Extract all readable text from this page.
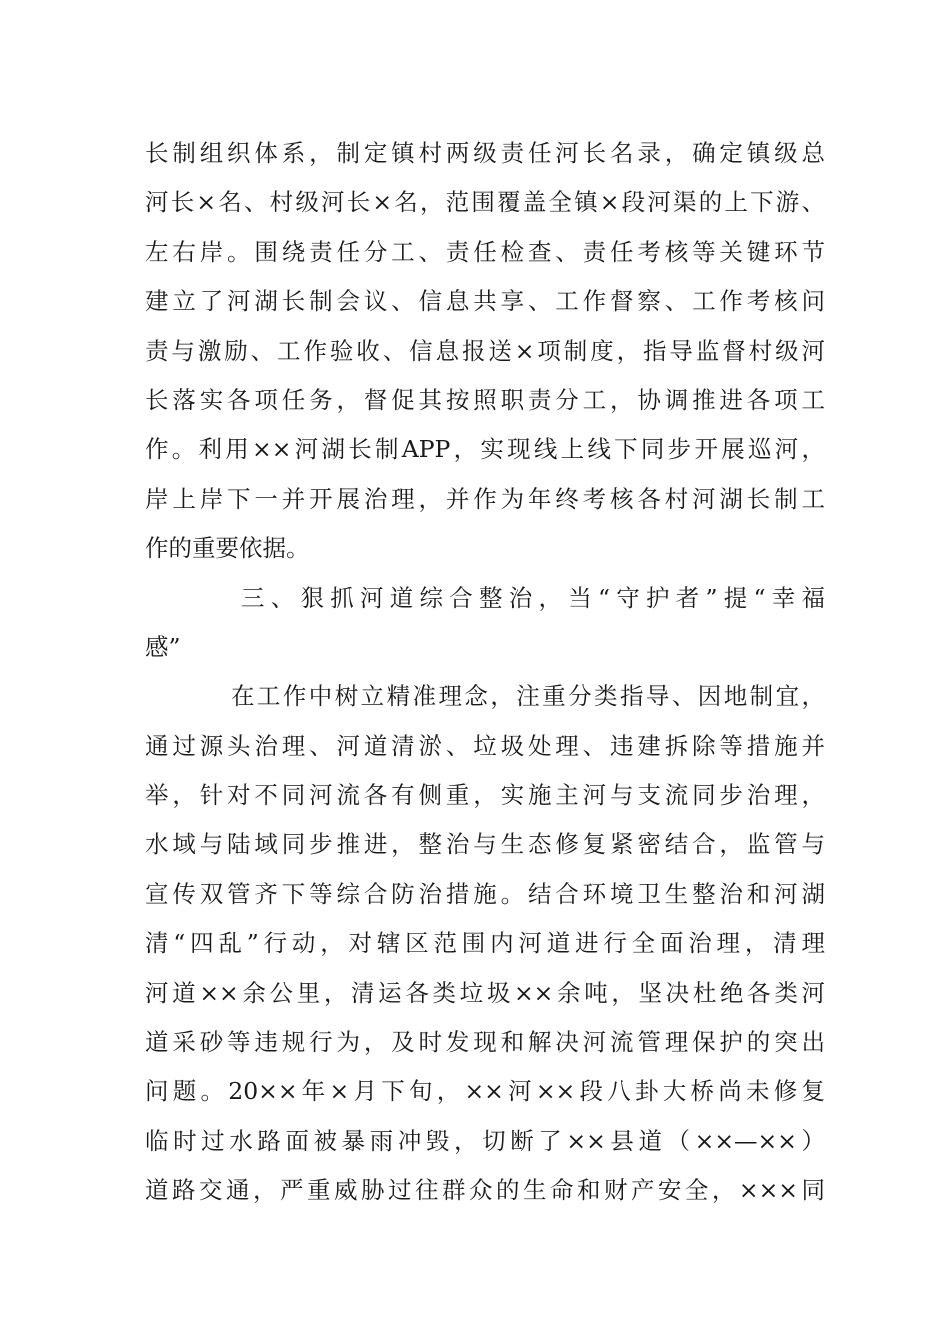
长制组织体系，制定镇村两级责任河长名录，确定镇级总
河长×名、村级河长×名，范围覆盖全镇×段河渠的上下游、
左右岸。围绕责任分工、责任检查、责任考核等关键环节
建立了河湖长制会议、信息共享、工作督察、工作考核问
责与激励、工作验收、信息报送×项制度，指导监督村级河
长落实各项任务，督促其按照职责分工，协调推进各项工
作。利用××河湖长制APP，实现线上线下同步开展巡河，
岸上岸下一并开展治理，并作为年终考核各村河湖长制工
作的重要依据。
三、狠抓河道综合整治，当“守护者”提“幸福
感”
在工作中树立精准理念，注重分类指导、因地制宜，
通过源头治理、河道清淤、垃圾处理、违建拆除等措施并
举，针对不同河流各有侧重，实施主河与支流同步治理，
水域与陆域同步推进，整治与生态修复紧密结合，监管与
宣传双管齐下等综合防治措施。结合环境卫生整治和河湖
清“四乱”行动，对辖区范围内河道进行全面治理，清理
河道××余公里，清运各类垃圾××余吨，坚决杜绝各类河
道采砂等违规行为，及时发现和解决河流管理保护的突出
问题。20××年×月下旬，××河××段八卦大桥尚未修复
临时过水路面被暴雨冲毁，切断了××县道（××—××）
道路交通，严重威胁过往群众的生命和财产安全，×××同
